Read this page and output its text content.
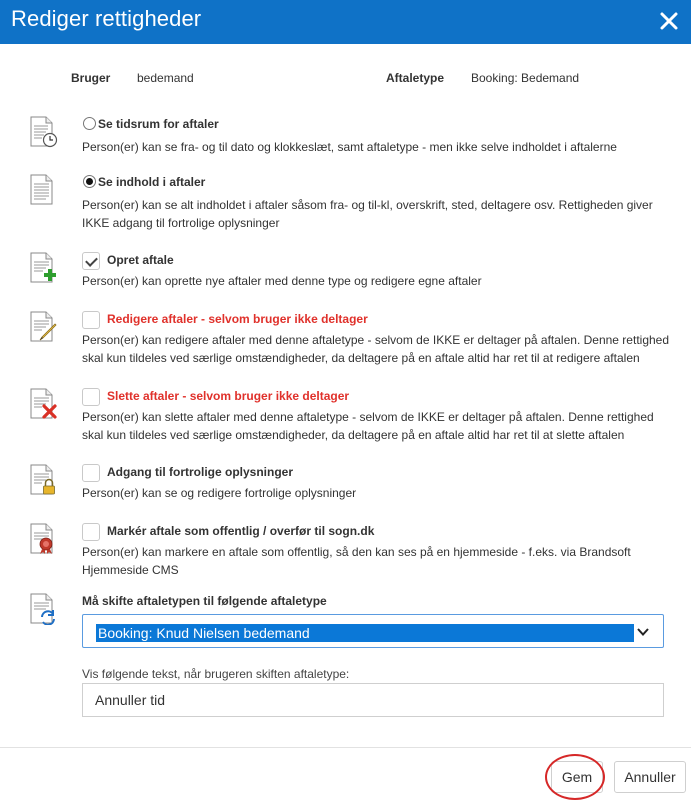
Rediger rettigheder
Bruger bedemand	Aftaletype Booking: Bedemand
Se tidsrum for aftaler
Person(er) kan se fra- og til dato og klokkeslæt, samt aftaletype - men ikke selve indholdet i aftalerne
Se indhold i aftaler
Person(er) kan se alt indholdet i aftaler såsom fra- og til-kl, overskrift, sted, deltagere osv. Rettigheden giver IKKE adgang til fortrolige oplysninger
Opret aftale
Person(er) kan oprette nye aftaler med denne type og redigere egne aftaler
Redigere aftaler - selvom bruger ikke deltager
Person(er) kan redigere aftaler med denne aftaletype - selvom de IKKE er deltager på aftalen. Denne rettighed skal kun tildeles ved særlige omstændigheder, da deltagere på en aftale altid har ret til at redigere aftalen
Slette aftaler - selvom bruger ikke deltager
Person(er) kan slette aftaler med denne aftaletype - selvom de IKKE er deltager på aftalen. Denne rettighed skal kun tildeles ved særlige omstændigheder, da deltagere på en aftale altid har ret til at slette aftalen
Adgang til fortrolige oplysninger
Person(er) kan se og redigere fortrolige oplysninger
Markér aftale som offentlig / overfør til sogn.dk
Person(er) kan markere en aftale som offentlig, så den kan ses på en hjemmeside - f.eks. via Brandsoft Hjemmeside CMS
Må skifte aftaletypen til følgende aftaletype
Booking: Knud Nielsen bedemand
Vis følgende tekst, når brugeren skiften aftaletype:
Annuller tid
Gem	Annuller
